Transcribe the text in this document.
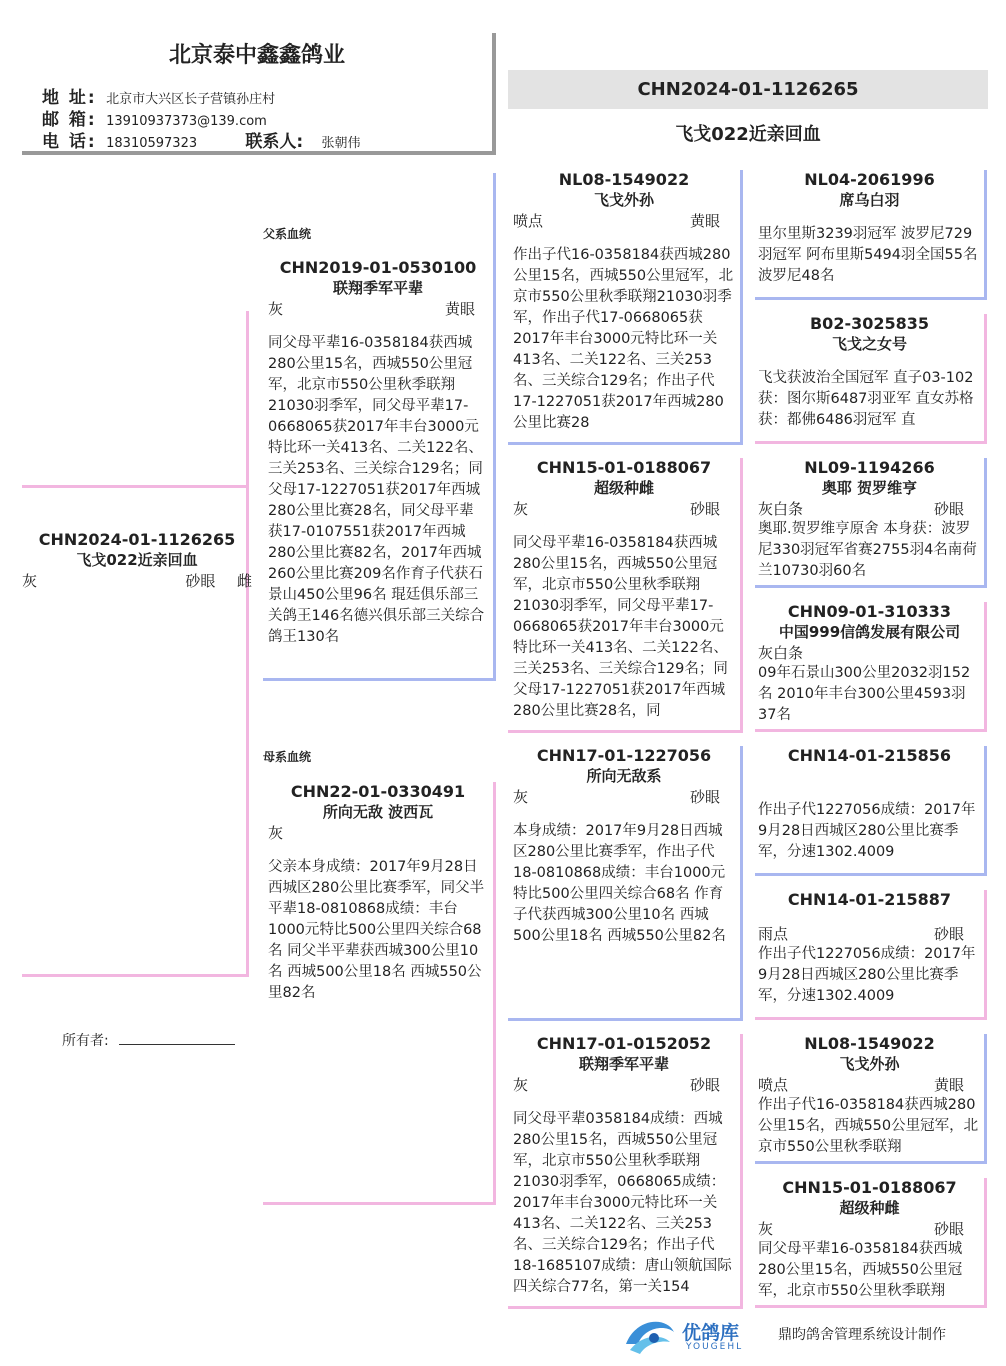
北京泰中鑫鑫鸽业
地 址: 北京市大兴区长子营镇孙庄村
邮 箱: 13910937373@139.com
电 话: 18310597323	联系人: 张朝伟
CHN2024-01-1126265
飞戈022近亲回血
CHN2024-01-1126265
飞戈022近亲回血
灰	砂眼 雌
所有者:
父系血统
母系血统
CHN2019-01-0530100
联翔季军平辈
灰	黄眼
同父母平辈16-0358184获西城280公里15名，西城550公里冠军，北京市550公里秋季联翔21030羽季军，同父母平辈17-0668065获2017年丰台3000元特比环一关413名、二关122名、三关253名、三关综合129名；同父母17-1227051获2017年西城280公里比赛28名，同父母平辈获17-0107551获2017年西城280公里比赛82名，2017年西城260公里比赛209名作育子代获石景山450公里96名 琨廷俱乐部三关鸽王146名德兴俱乐部三关综合鸽王130名
CHN22-01-0330491
所向无敌 波西瓦
灰
父亲本身成绩：2017年9月28日西城区280公里比赛季军，同父半平辈18-0810868成绩：丰台1000元特比500公里四关综合68名 同父半平辈获西城300公里10名 西城500公里18名 西城550公里82名
NL08-1549022
飞戈外孙
喷点	黄眼
作出子代16-0358184获西城280公里15名，西城550公里冠军，北京市550公里秋季联翔21030羽季军，作出子代17-0668065获2017年丰台3000元特比环一关413名、二关122名、三关253名、三关综合129名；作出子代17-1227051获2017年西城280公里比赛28
CHN15-01-0188067
超级种雌
灰	砂眼
同父母平辈16-0358184获西城280公里15名，西城550公里冠军，北京市550公里秋季联翔21030羽季军，同父母平辈17-0668065获2017年丰台3000元特比环一关413名、二关122名、三关253名、三关综合129名；同父母17-1227051获2017年西城280公里比赛28名，同
CHN17-01-1227056
所向无敌系
灰	砂眼
本身成绩：2017年9月28日西城区280公里比赛季军，作出子代18-0810868成绩：丰台1000元特比500公里四关综合68名 作育子代获西城300公里10名 西城500公里18名 西城550公里82名
CHN17-01-0152052
联翔季军平辈
灰	砂眼
同父母平辈0358184成绩：西城280公里15名，西城550公里冠军，北京市550公里秋季联翔21030羽季军，0668065成绩：2017年丰台3000元特比环一关413名、二关122名、三关253名、三关综合129名；作出子代18-1685107成绩：唐山领航国际四关综合77名，第一关154
NL04-2061996
席乌白羽
里尔里斯3239羽冠军 波罗尼729羽冠军 阿布里斯5494羽全国55名 波罗尼48名
B02-3025835
飞戈之女号
飞戈获波治全国冠军 直子03-102获：图尔斯6487羽亚军 直女苏格获：都佛6486羽冠军 直
NL09-1194266
奥耶 贺罗维亨
灰白条	砂眼
奥耶.贺罗维亨原舍 本身获：波罗尼330羽冠军省赛2755羽4名南荷兰10730羽60名
CHN09-01-310333
中国999信鸽发展有限公司
灰白条
09年石景山300公里2032羽152名 2010年丰台300公里4593羽37名
CHN14-01-215856
作出子代1227056成绩：2017年9月28日西城区280公里比赛季军，分速1302.4009
CHN14-01-215887
雨点	砂眼
作出子代1227056成绩：2017年9月28日西城区280公里比赛季军，分速1302.4009
NL08-1549022
飞戈外孙
喷点	黄眼
作出子代16-0358184获西城280公里15名，西城550公里冠军，北京市550公里秋季联翔
CHN15-01-0188067
超级种雌
灰	砂眼
同父母平辈16-0358184获西城280公里15名，西城550公里冠军，北京市550公里秋季联翔
优鸽库
YOUGEHL
鼎昀鸽舍管理系统设计制作
